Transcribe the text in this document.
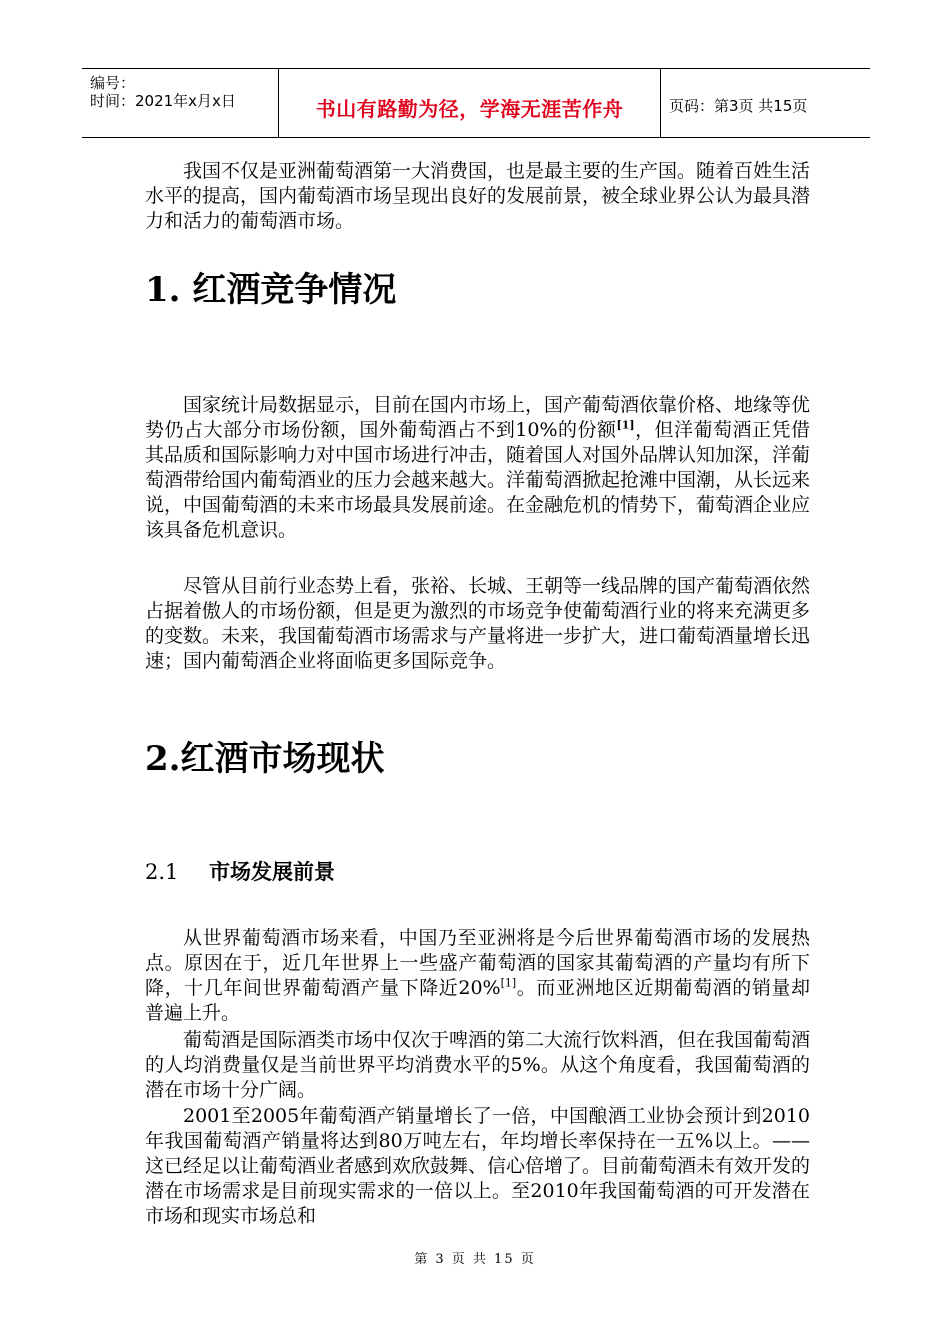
编号：
时间：2021年x月x日	书山有路勤为径，学海无涯苦作舟	页码：第3页 共15页

我国不仅是亚洲葡萄酒第一大消费国，也是最主要的生产国。随着百姓生活水平的提高，国内葡萄酒市场呈现出良好的发展前景，被全球业界公认为最具潜力和活力的葡萄酒市场。

1. 红酒竞争情况

国家统计局数据显示，目前在国内市场上，国产葡萄酒依靠价格、地缘等优势仍占大部分市场份额，国外葡萄酒占不到10%的份额[1]，但洋葡萄酒正凭借其品质和国际影响力对中国市场进行冲击，随着国人对国外品牌认知加深，洋葡萄酒带给国内葡萄酒业的压力会越来越大。洋葡萄酒掀起抢滩中国潮，从长远来说，中国葡萄酒的未来市场最具发展前途。在金融危机的情势下，葡萄酒企业应该具备危机意识。

尽管从目前行业态势上看，张裕、长城、王朝等一线品牌的国产葡萄酒依然占据着傲人的市场份额，但是更为激烈的市场竞争使葡萄酒行业的将来充满更多的变数。未来，我国葡萄酒市场需求与产量将进一步扩大，进口葡萄酒量增长迅速；国内葡萄酒企业将面临更多国际竞争。

2.红酒市场现状
2.1 市场发展前景

从世界葡萄酒市场来看，中国乃至亚洲将是今后世界葡萄酒市场的发展热点。原因在于，近几年世界上一些盛产葡萄酒的国家其葡萄酒的产量均有所下降，十几年间世界葡萄酒产量下降近20%[1]。而亚洲地区近期葡萄酒的销量却普遍上升。

葡萄酒是国际酒类市场中仅次于啤酒的第二大流行饮料酒，但在我国葡萄酒的人均消费量仅是当前世界平均消费水平的5%。从这个角度看，我国葡萄酒的潜在市场十分广阔。

2001至2005年葡萄酒产销量增长了一倍，中国酿酒工业协会预计到2010年我国葡萄酒产销量将达到80万吨左右，年均增长率保持在一五%以上。——这已经足以让葡萄酒业者感到欢欣鼓舞、信心倍增了。目前葡萄酒未有效开发的潜在市场需求是目前现实需求的一倍以上。至2010年我国葡萄酒的可开发潜在市场和现实市场总和

第 3 页 共 15 页
